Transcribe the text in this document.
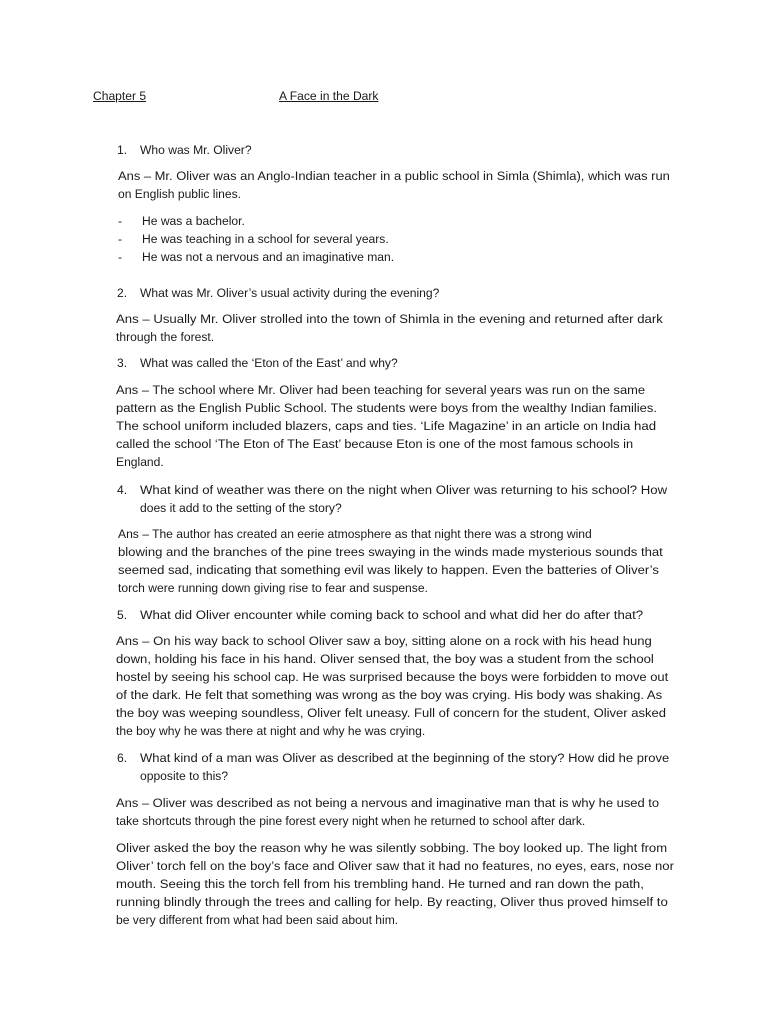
Chapter 5	A Face in the Dark
1. Who was Mr. Oliver?
Ans – Mr. Oliver was an Anglo-Indian teacher in a public school in Simla (Shimla), which was run
on English public lines.
- He was a bachelor.
- He was teaching in a school for several years.
- He was not a nervous and an imaginative man.
2. What was Mr. Oliver’s usual activity during the evening?
Ans – Usually Mr. Oliver strolled into the town of Shimla in the evening and returned after dark
through the forest.
3. What was called the ‘Eton of the East’ and why?
Ans – The school where Mr. Oliver had been teaching for several years was run on the same
pattern as the English Public School. The students were boys from the wealthy Indian families.
The school uniform included blazers, caps and ties. ‘Life Magazine’ in an article on India had
called the school ‘The Eton of The East’ because Eton is one of the most famous schools in
England.
4. What kind of weather was there on the night when Oliver was returning to his school? How
does it add to the setting of the story?
Ans – The author has created an eerie atmosphere as that night there was a strong wind
blowing and the branches of the pine trees swaying in the winds made mysterious sounds that
seemed sad, indicating that something evil was likely to happen. Even the batteries of Oliver’s
torch were running down giving rise to fear and suspense.
5. What did Oliver encounter while coming back to school and what did her do after that?
Ans – On his way back to school Oliver saw a boy, sitting alone on a rock with his head hung
down, holding his face in his hand. Oliver sensed that, the boy was a student from the school
hostel by seeing his school cap. He was surprised because the boys were forbidden to move out
of the dark. He felt that something was wrong as the boy was crying. His body was shaking. As
the boy was weeping soundless, Oliver felt uneasy. Full of concern for the student, Oliver asked
the boy why he was there at night and why he was crying.
6. What kind of a man was Oliver as described at the beginning of the story? How did he prove
opposite to this?
Ans – Oliver was described as not being a nervous and imaginative man that is why he used to
take shortcuts through the pine forest every night when he returned to school after dark.
Oliver asked the boy the reason why he was silently sobbing. The boy looked up. The light from
Oliver’ torch fell on the boy’s face and Oliver saw that it had no features, no eyes, ears, nose nor
mouth. Seeing this the torch fell from his trembling hand. He turned and ran down the path,
running blindly through the trees and calling for help. By reacting, Oliver thus proved himself to
be very different from what had been said about him.
